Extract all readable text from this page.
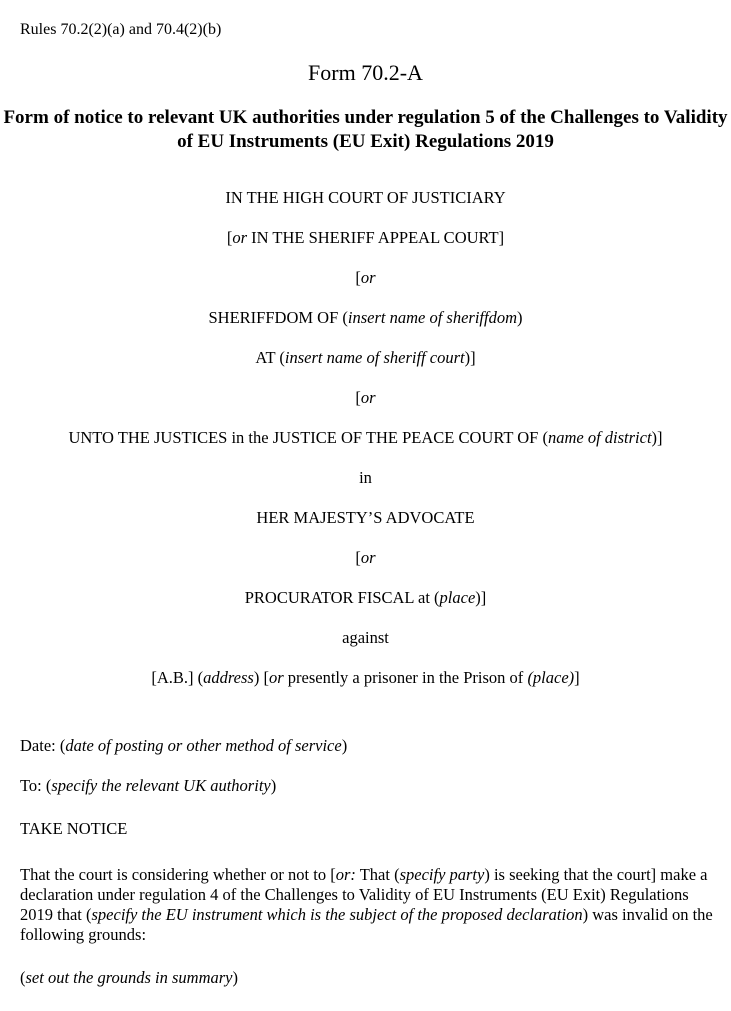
Rules 70.2(2)(a) and 70.4(2)(b)
Form 70.2-A
Form of notice to relevant UK authorities under regulation 5 of the Challenges to Validity of EU Instruments (EU Exit) Regulations 2019
IN THE HIGH COURT OF JUSTICIARY
[or IN THE SHERIFF APPEAL COURT]
[or
SHERIFFDOM OF (insert name of sheriffdom)
AT (insert name of sheriff court)]
[or
UNTO THE JUSTICES in the JUSTICE OF THE PEACE COURT OF (name of district)]
in
HER MAJESTY’S ADVOCATE
[or
PROCURATOR FISCAL at (place)]
against
[A.B.] (address) [or presently a prisoner in the Prison of (place)]
Date: (date of posting or other method of service)
To: (specify the relevant UK authority)
TAKE NOTICE
That the court is considering whether or not to [or: That (specify party) is seeking that the court] make a declaration under regulation 4 of the Challenges to Validity of EU Instruments (EU Exit) Regulations 2019 that (specify the EU instrument which is the subject of the proposed declaration) was invalid on the following grounds:
(set out the grounds in summary)
